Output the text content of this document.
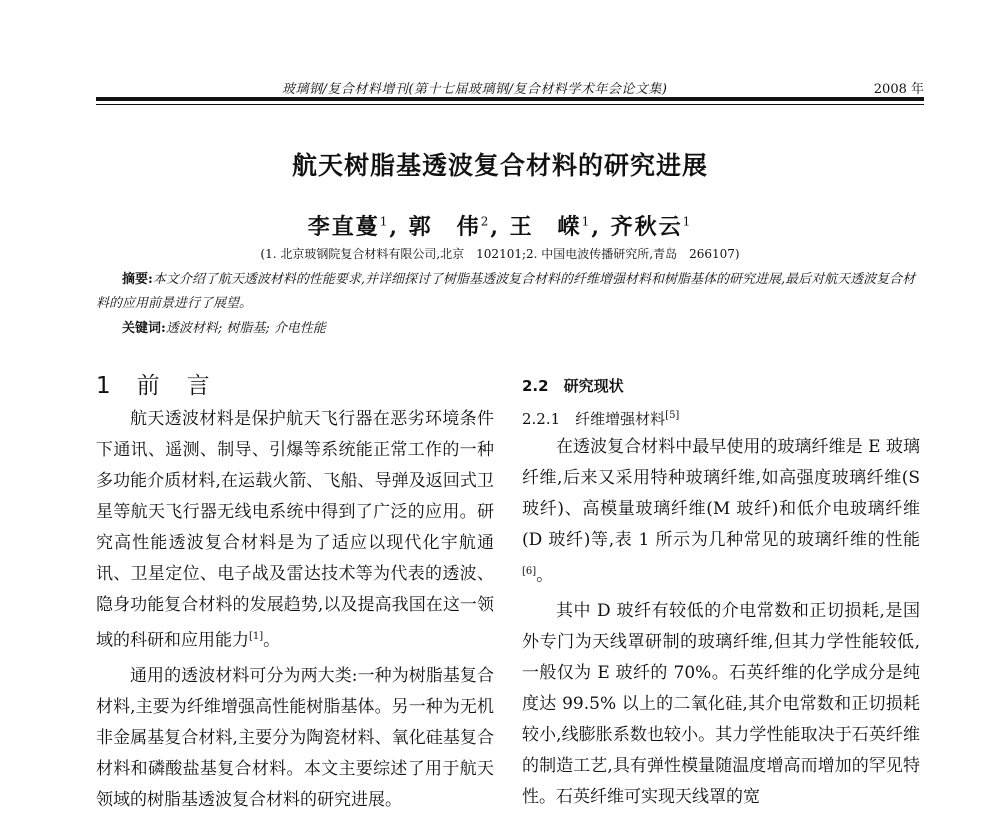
玻璃钢/复合材料增刊(第十七届玻璃钢/复合材料学术年会论文集)	2008 年
航天树脂基透波复合材料的研究进展
李直蔓$^1$, 郭　伟$^2$, 王　嵘$^1$, 齐秋云$^1$
(1. 北京玻钢院复合材料有限公司,北京　102101;2. 中国电波传播研究所,青岛　266107)
摘要:本文介绍了航天透波材料的性能要求,并详细探讨了树脂基透波复合材料的纤维增强材料和树脂基体的研究进展,最后对航天透波复合材料的应用前景进行了展望。
关键词:透波材料; 树脂基; 介电性能
1 前　言

航天透波材料是保护航天飞行器在恶劣环境条件下通讯、遥测、制导、引爆等系统能正常工作的一种多功能介质材料,在运载火箭、飞船、导弹及返回式卫星等航天飞行器无线电系统中得到了广泛的应用。研究高性能透波复合材料是为了适应以现代化宇航通讯、卫星定位、电子战及雷达技术等为代表的透波、隐身功能复合材料的发展趋势,以及提高我国在这一领域的科研和应用能力[1]。

通用的透波材料可分为两大类:一种为树脂基复合材料,主要为纤维增强高性能树脂基体。另一种为无机非金属基复合材料,主要分为陶瓷材料、氧化硅基复合材料和磷酸盐基复合材料。本文主要综述了用于航天领域的树脂基透波复合材料的研究进展。

2.2　研究现状
2.2.1　纤维增强材料[5]

在透波复合材料中最早使用的玻璃纤维是 E 玻璃纤维,后来又采用特种玻璃纤维,如高强度玻璃纤维(S 玻纤)、高模量玻璃纤维(M 玻纤)和低介电玻璃纤维(D 玻纤)等,表 1 所示为几种常见的玻璃纤维的性能[6]。

其中 D 玻纤有较低的介电常数和正切损耗,是国外专门为天线罩研制的玻璃纤维,但其力学性能较低,一般仅为 E 玻纤的 70%。石英纤维的化学成分是纯度达 99.5% 以上的二氧化硅,其介电常数和正切损耗较小,线膨胀系数也较小。其力学性能取决于石英纤维的制造工艺,具有弹性模量随温度增高而增加的罕见特性。石英纤维可实现天线罩的宽
